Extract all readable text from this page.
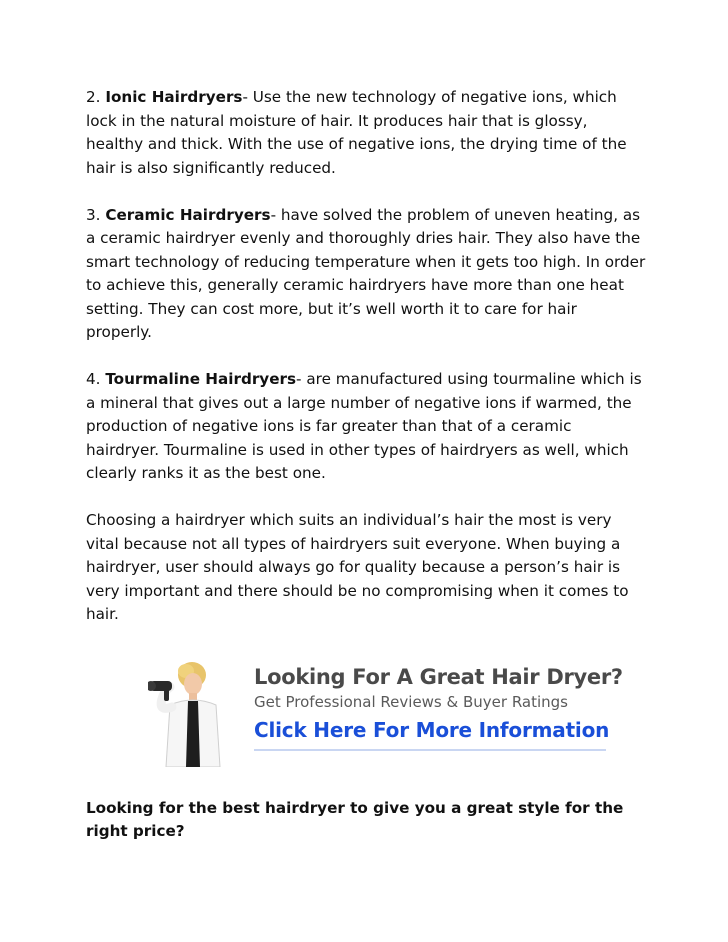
2. Ionic Hairdryers- Use the new technology of negative ions, which lock in the natural moisture of hair. It produces hair that is glossy, healthy and thick. With the use of negative ions, the drying time of the hair is also significantly reduced.

3. Ceramic Hairdryers- have solved the problem of uneven heating, as a ceramic hairdryer evenly and thoroughly dries hair. They also have the smart technology of reducing temperature when it gets too high. In order to achieve this, generally ceramic hairdryers have more than one heat setting. They can cost more, but it’s well worth it to care for hair properly.

4. Tourmaline Hairdryers- are manufactured using tourmaline which is a mineral that gives out a large number of negative ions if warmed, the production of negative ions is far greater than that of a ceramic hairdryer. Tourmaline is used in other types of hairdryers as well, which clearly ranks it as the best one.

Choosing a hairdryer which suits an individual’s hair the most is very vital because not all types of hairdryers suit everyone. When buying a hairdryer, user should always go for quality because a person’s hair is very important and there should be no compromising when it comes to hair.

Looking For A Great Hair Dryer?
Get Professional Reviews & Buyer Ratings
Click Here For More Information

Looking for the best hairdryer to give you a great style for the right price?
